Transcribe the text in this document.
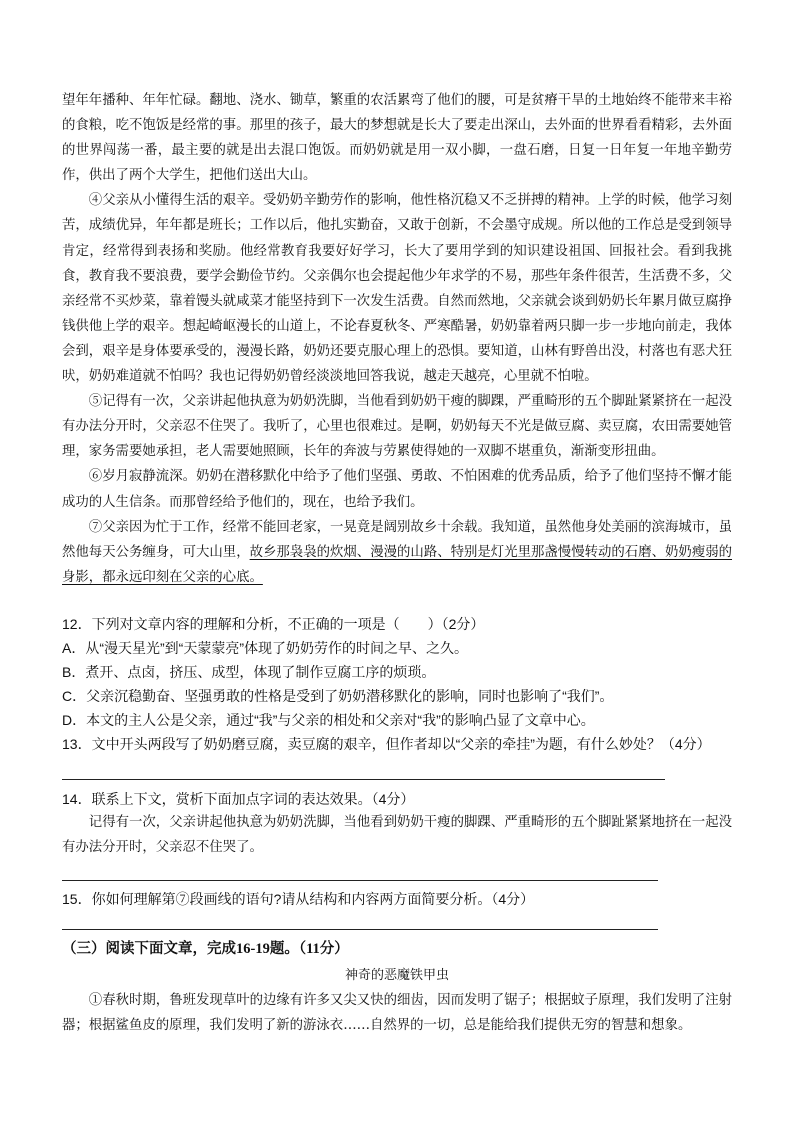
望年年播种、年年忙碌。翻地、浇水、锄草，繁重的农活累弯了他们的腰，可是贫瘠干旱的土地始终不能带来丰裕的食粮，吃不饱饭是经常的事。那里的孩子，最大的梦想就是长大了要走出深山，去外面的世界看看精彩，去外面的世界闯荡一番，最主要的就是出去混口饱饭。而奶奶就是用一双小脚，一盘石磨，日复一日年复一年地辛勤劳作，供出了两个大学生，把他们送出大山。

④父亲从小懂得生活的艰辛。受奶奶辛勤劳作的影响，他性格沉稳又不乏拼搏的精神。上学的时候，他学习刻苦，成绩优异，年年都是班长；工作以后，他扎实勤奋，又敢于创新，不会墨守成规。所以他的工作总是受到领导肯定，经常得到表扬和奖励。他经常教育我要好好学习，长大了要用学到的知识建设祖国、回报社会。看到我挑食，教育我不要浪费，要学会勤俭节约。父亲偶尔也会提起他少年求学的不易，那些年条件很苦，生活费不多，父亲经常不买炒菜，靠着馒头就咸菜才能坚持到下一次发生活费。自然而然地，父亲就会谈到奶奶长年累月做豆腐挣钱供他上学的艰辛。想起崎岖漫长的山道上，不论春夏秋冬、严寒酷暑，奶奶靠着两只脚一步一步地向前走，我体会到，艰辛是身体要承受的，漫漫长路，奶奶还要克服心理上的恐惧。要知道，山林有野兽出没，村落也有恶犬狂吠，奶奶难道就不怕吗？我也记得奶奶曾经淡淡地回答我说，越走天越亮，心里就不怕啦。

⑤记得有一次，父亲讲起他执意为奶奶洗脚，当他看到奶奶干瘦的脚踝，严重畸形的五个脚趾紧紧挤在一起没有办法分开时，父亲忍不住哭了。我听了，心里也很难过。是啊，奶奶每天不光是做豆腐、卖豆腐，农田需要她管理，家务需要她承担，老人需要她照顾，长年的奔波与劳累使得她的一双脚不堪重负，渐渐变形扭曲。

⑥岁月寂静流深。奶奶在潜移默化中给予了他们坚强、勇敢、不怕困难的优秀品质，给予了他们坚持不懈才能成功的人生信条。而那曾经给予他们的，现在，也给予我们。

⑦父亲因为忙于工作，经常不能回老家，一晃竟是阔别故乡十余载。我知道，虽然他身处美丽的滨海城市，虽然他每天公务缠身，可大山里，故乡那袅袅的炊烟、漫漫的山路、特别是灯光里那盏慢慢转动的石磨、奶奶瘦弱的身影，都永远印刻在父亲的心底。

12．下列对文章内容的理解和分析，不正确的一项是（　　）（2分）

A．从“漫天星光”到“天蒙蒙亮”体现了奶奶劳作的时间之早、之久。

B．煮开、点卤，挤压、成型，体现了制作豆腐工序的烦琐。

C．父亲沉稳勤奋、坚强勇敢的性格是受到了奶奶潜移默化的影响，同时也影响了“我们”。

D．本文的主人公是父亲，通过“我”与父亲的相处和父亲对“我”的影响凸显了文章中心。

13．文中开头两段写了奶奶磨豆腐，卖豆腐的艰辛，但作者却以“父亲的牵挂”为题，有什么妙处？（4分）

14．联系上下文，赏析下面加点字词的表达效果。（4分）

记得有一次，父亲讲起他执意为奶奶洗脚，当他看到奶奶干瘦的脚踝、严重畸形的五个脚趾紧紧地挤在一起没有办法分开时，父亲忍不住哭了。

15．你如何理解第⑦段画线的语句?请从结构和内容两方面简要分析。（4分）

（三）阅读下面文章，完成16-19题。（11分）
神奇的恶魔铁甲虫

①春秋时期，鲁班发现草叶的边缘有许多又尖又快的细齿，因而发明了锯子；根据蚊子原理，我们发明了注射器；根据鲨鱼皮的原理，我们发明了新的游泳衣……自然界的一切，总是能给我们提供无穷的智慧和想象。
